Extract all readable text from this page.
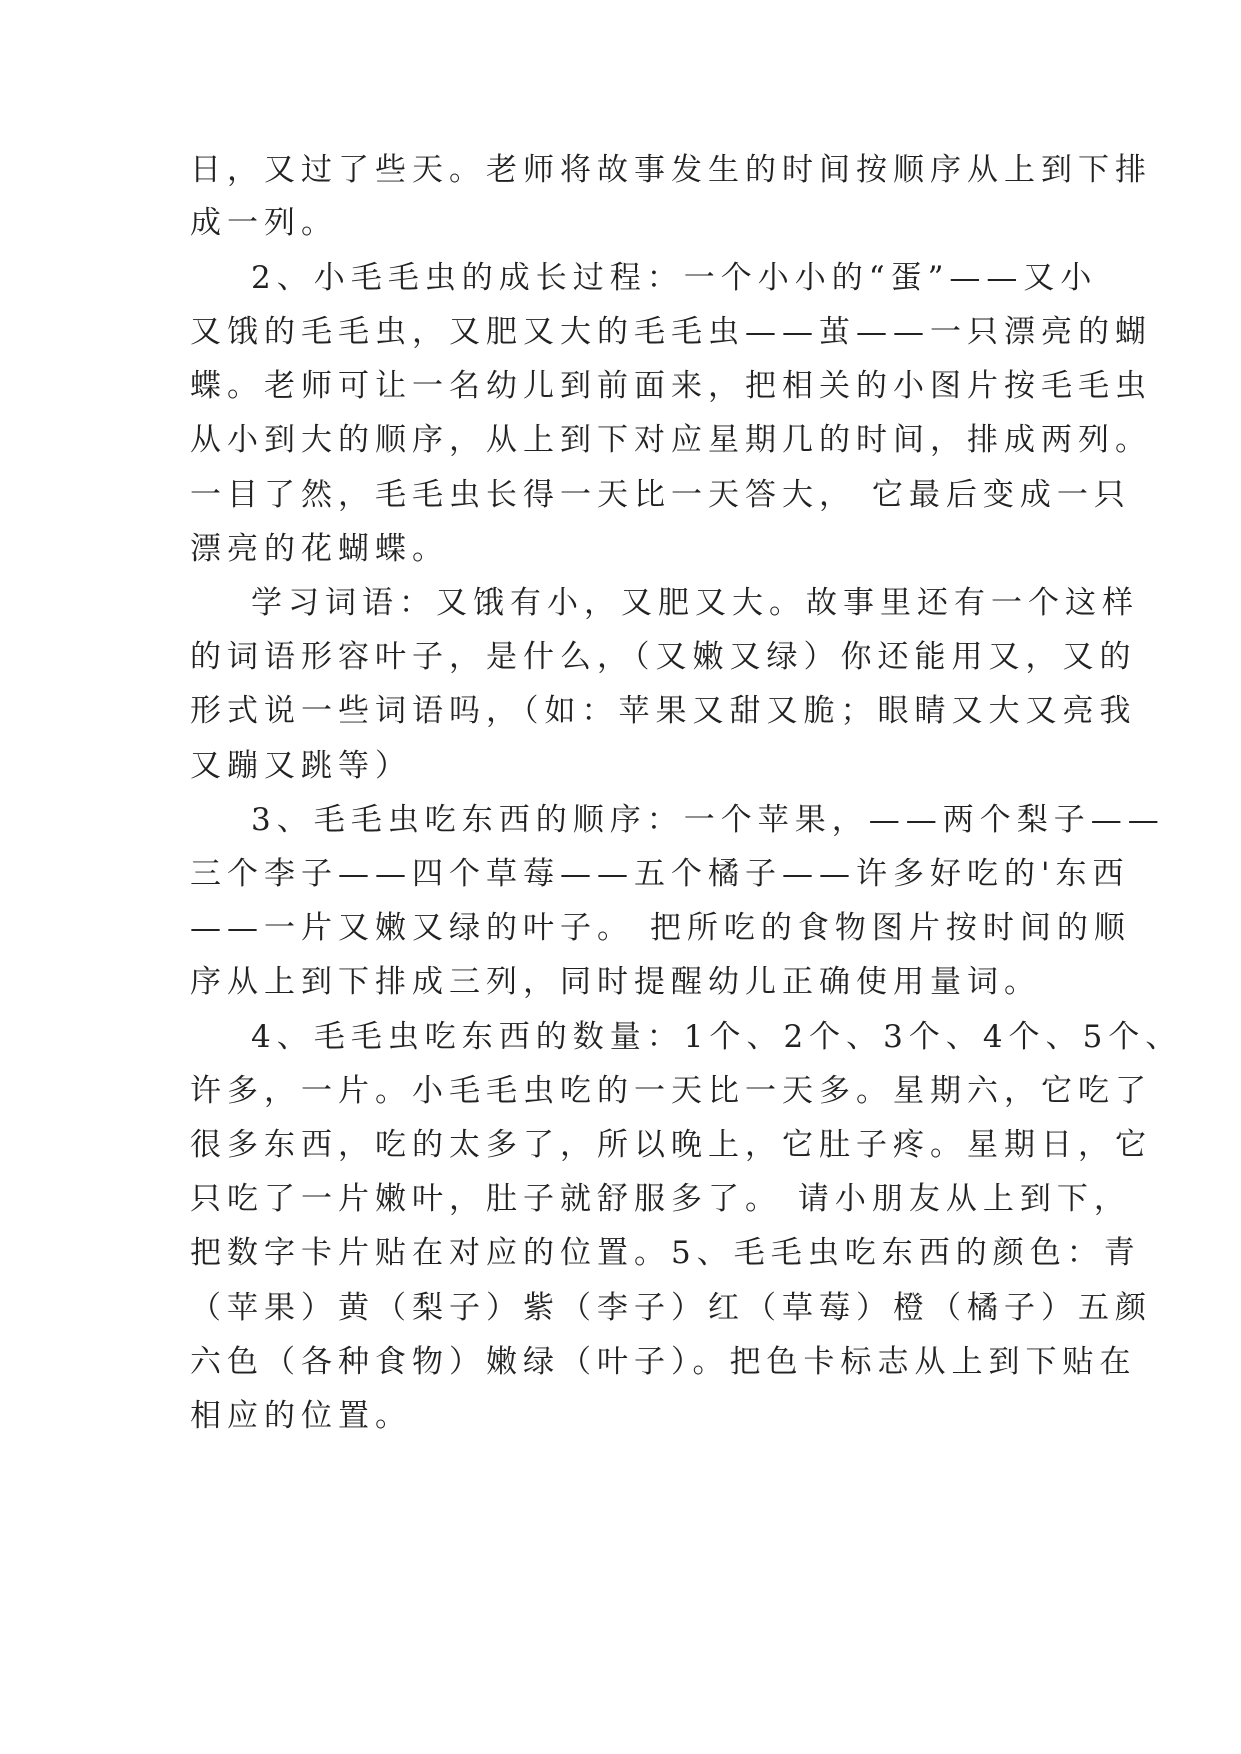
日，又过了些天。老师将故事发生的时间按顺序从上到下排
成一列。
2、小毛毛虫的成长过程：一个小小的“蛋”——又小
又饿的毛毛虫，又肥又大的毛毛虫——茧——一只漂亮的蝴
蝶。老师可让一名幼儿到前面来，把相关的小图片按毛毛虫
从小到大的顺序，从上到下对应星期几的时间，排成两列。
一目了然，毛毛虫长得一天比一天答大， 它最后变成一只
漂亮的花蝴蝶。
学习词语：又饿有小，又肥又大。故事里还有一个这样
的词语形容叶子，是什么，（又嫩又绿）你还能用又，又的
形式说一些词语吗，（如：苹果又甜又脆；眼睛又大又亮我
又蹦又跳等）
3、毛毛虫吃东西的顺序：一个苹果，——两个梨子——
三个李子——四个草莓——五个橘子——许多好吃的'东西
——一片又嫩又绿的叶子。 把所吃的食物图片按时间的顺
序从上到下排成三列，同时提醒幼儿正确使用量词。
4、毛毛虫吃东西的数量：1个、2个、3个、4个、5个、
许多，一片。小毛毛虫吃的一天比一天多。星期六，它吃了
很多东西，吃的太多了，所以晚上，它肚子疼。星期日，它
只吃了一片嫩叶，肚子就舒服多了。 请小朋友从上到下，
把数字卡片贴在对应的位置。5、毛毛虫吃东西的颜色：青
（苹果）黄（梨子）紫（李子）红（草莓）橙（橘子）五颜
六色（各种食物）嫩绿（叶子）。把色卡标志从上到下贴在
相应的位置。
